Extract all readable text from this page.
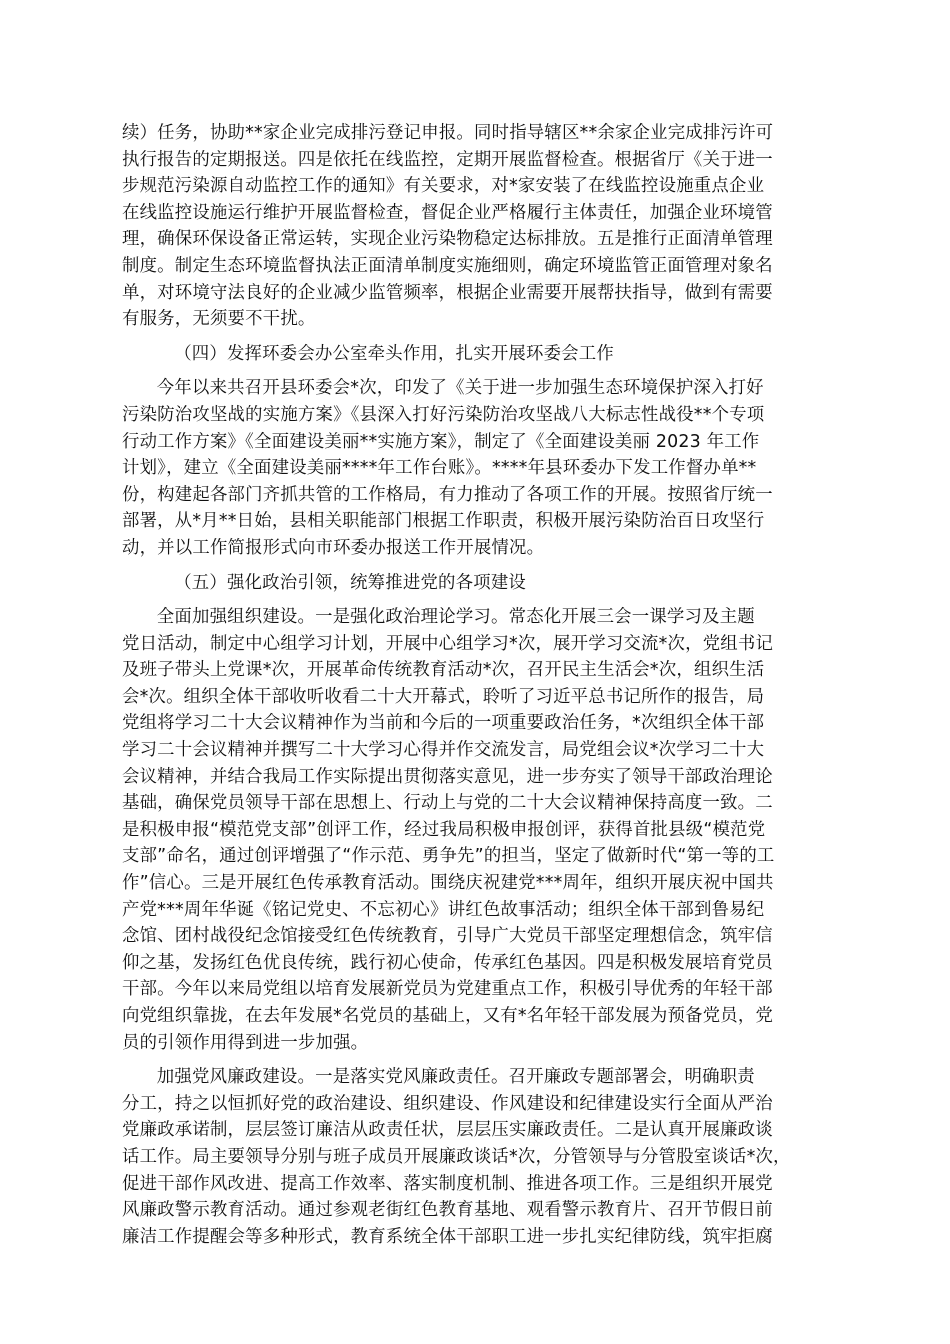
续）任务，协助**家企业完成排污登记申报。同时指导辖区**余家企业完成排污许可
执行报告的定期报送。四是依托在线监控，定期开展监督检查。根据省厅《关于进一
步规范污染源自动监控工作的通知》有关要求，对*家安装了在线监控设施重点企业
在线监控设施运行维护开展监督检查，督促企业严格履行主体责任，加强企业环境管
理，确保环保设备正常运转，实现企业污染物稳定达标排放。五是推行正面清单管理
制度。制定生态环境监督执法正面清单制度实施细则，确定环境监管正面管理对象名
单，对环境守法良好的企业减少监管频率，根据企业需要开展帮扶指导，做到有需要
有服务，无须要不干扰。
（四）发挥环委会办公室牵头作用，扎实开展环委会工作
今年以来共召开县环委会*次，印发了《关于进一步加强生态环境保护深入打好
污染防治攻坚战的实施方案》《县深入打好污染防治攻坚战八大标志性战役**个专项
行动工作方案》《全面建设美丽**实施方案》，制定了《全面建设美丽 2023 年工作
计划》，建立《全面建设美丽****年工作台账》。****年县环委办下发工作督办单**
份，构建起各部门齐抓共管的工作格局，有力推动了各项工作的开展。按照省厅统一
部署，从*月**日始，县相关职能部门根据工作职责，积极开展污染防治百日攻坚行
动，并以工作简报形式向市环委办报送工作开展情况。
（五）强化政治引领，统筹推进党的各项建设
全面加强组织建设。一是强化政治理论学习。常态化开展三会一课学习及主题
党日活动，制定中心组学习计划，开展中心组学习*次，展开学习交流*次，党组书记
及班子带头上党课*次，开展革命传统教育活动*次，召开民主生活会*次，组织生活
会*次。组织全体干部收听收看二十大开幕式，聆听了习近平总书记所作的报告，局
党组将学习二十大会议精神作为当前和今后的一项重要政治任务，*次组织全体干部
学习二十会议精神并撰写二十大学习心得并作交流发言，局党组会议*次学习二十大
会议精神，并结合我局工作实际提出贯彻落实意见，进一步夯实了领导干部政治理论
基础，确保党员领导干部在思想上、行动上与党的二十大会议精神保持高度一致。二
是积极申报“模范党支部”创评工作，经过我局积极申报创评，获得首批县级“模范党
支部”命名，通过创评增强了“作示范、勇争先”的担当，坚定了做新时代“第一等的工
作”信心。三是开展红色传承教育活动。围绕庆祝建党***周年，组织开展庆祝中国共
产党***周年华诞《铭记党史、不忘初心》讲红色故事活动；组织全体干部到鲁易纪
念馆、团村战役纪念馆接受红色传统教育，引导广大党员干部坚定理想信念，筑牢信
仰之基，发扬红色优良传统，践行初心使命，传承红色基因。四是积极发展培育党员
干部。今年以来局党组以培育发展新党员为党建重点工作，积极引导优秀的年轻干部
向党组织靠拢，在去年发展*名党员的基础上，又有*名年轻干部发展为预备党员，党
员的引领作用得到进一步加强。
加强党风廉政建设。一是落实党风廉政责任。召开廉政专题部署会，明确职责
分工，持之以恒抓好党的政治建设、组织建设、作风建设和纪律建设实行全面从严治
党廉政承诺制，层层签订廉洁从政责任状，层层压实廉政责任。二是认真开展廉政谈
话工作。局主要领导分别与班子成员开展廉政谈话*次，分管领导与分管股室谈话*次，
促进干部作风改进、提高工作效率、落实制度机制、推进各项工作。三是组织开展党
风廉政警示教育活动。通过参观老街红色教育基地、观看警示教育片、召开节假日前
廉洁工作提醒会等多种形式，教育系统全体干部职工进一步扎实纪律防线，筑牢拒腐
